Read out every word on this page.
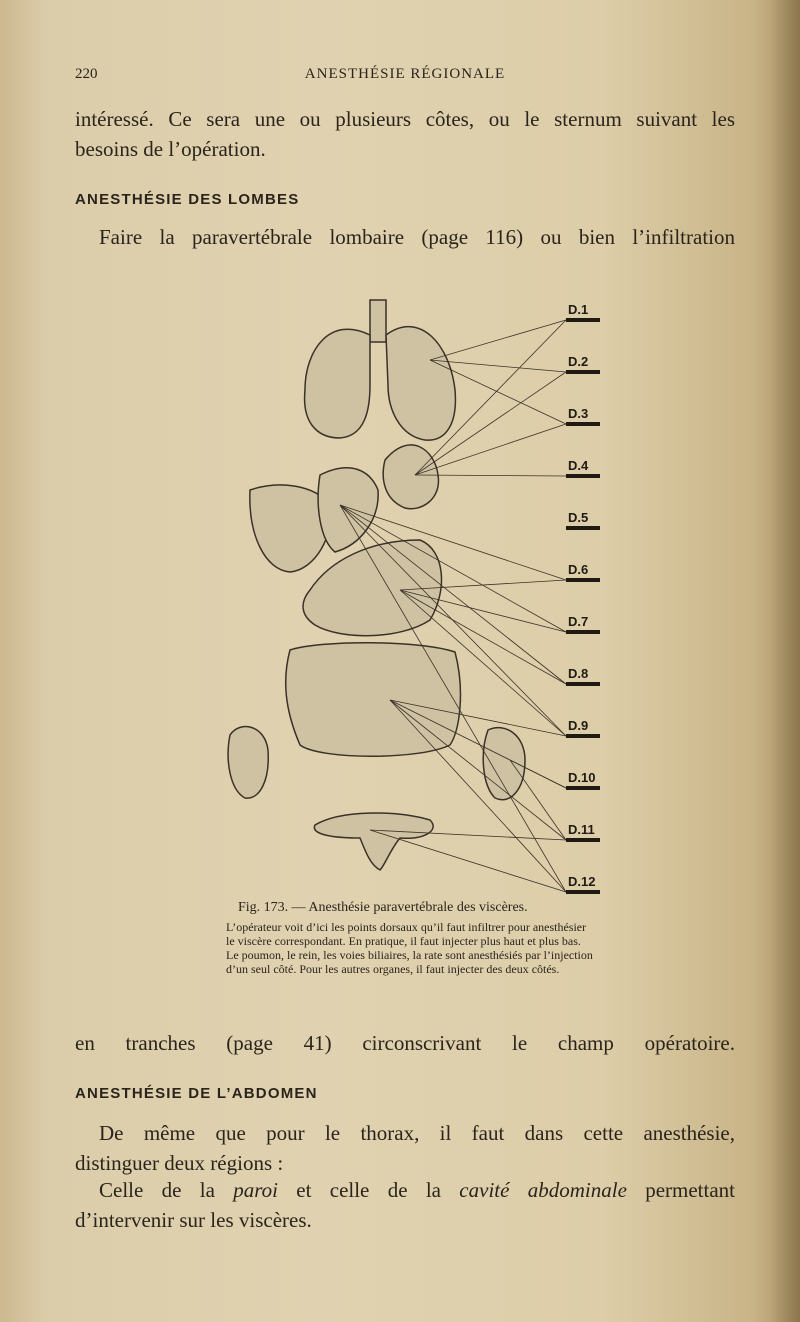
220	ANESTHÉSIE RÉGIONALE
intéressé. Ce sera une ou plusieurs côtes, ou le sternum suivant les
besoins de l’opération.
ANESTHÉSIE DES LOMBES
Faire la paravertébrale lombaire (page 116) ou bien l’infiltration
D.1
D.2
D.3
D.4
D.5
D.6
D.7
D.8
D.9
D.10
D.11
D.12
Fig. 173. — Anesthésie paravertébrale des viscères.
L’opérateur voit d’ici les points dorsaux qu’il faut infiltrer pour anesthésier le viscère correspondant. En pratique, il faut injecter plus haut et plus bas. Le poumon, le rein, les voies biliaires, la rate sont anesthésiés par l’injection d’un seul côté. Pour les autres organes, il faut injecter des deux côtés.
en tranches (page 41) circonscrivant le champ opératoire.
ANESTHÉSIE DE L’ABDOMEN
De même que pour le thorax, il faut dans cette anesthésie,
distinguer deux régions :
Celle de la paroi et celle de la cavité abdominale permettant
d’intervenir sur les viscères.
